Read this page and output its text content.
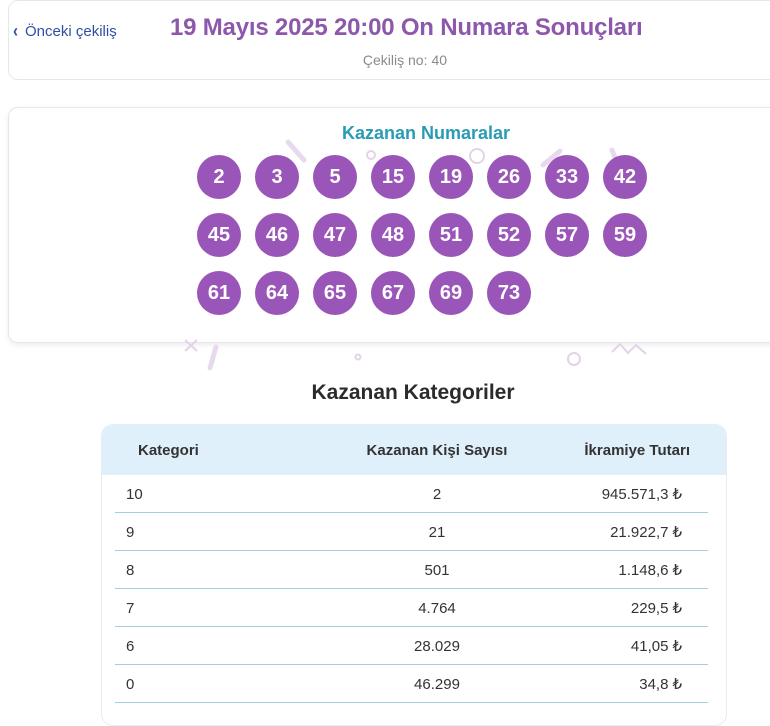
‹ Önceki çekiliş 19 Mayıs 2025 20:00 On Numara Sonuçları
Çekiliş no: 40
Kazanan Numaralar
2	3	5	15	19	26	33	42
45	46	47	48	51	52	57	59
61	64	65	67	69	73
Kazanan Kategoriler
Kategori	Kazanan Kişi Sayısı	İkramiye Tutarı
10	2	945.571,3 ₺
9	21	21.922,7 ₺
8	501	1.148,6 ₺
7	4.764	229,5 ₺
6	28.029	41,05 ₺
0	46.299	34,8 ₺
